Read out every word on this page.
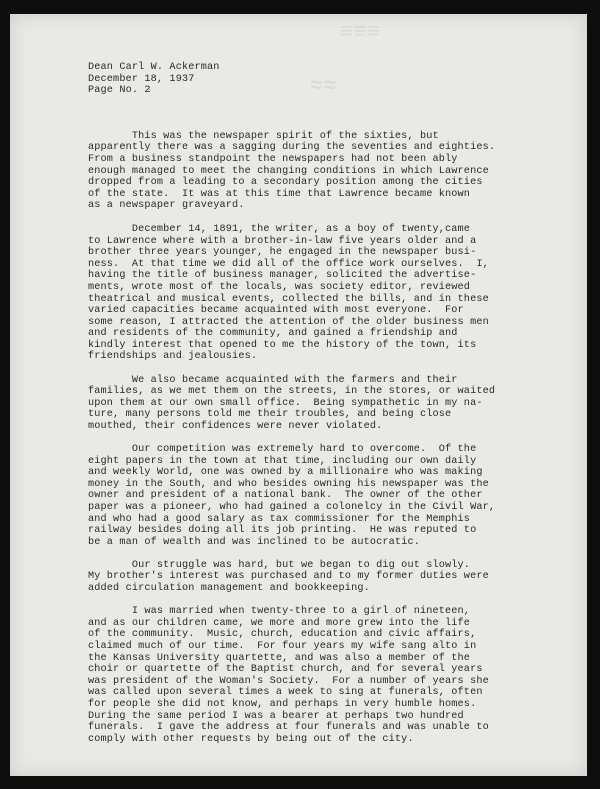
≡≡≡
≈≈
Dean Carl W. Ackerman
December 18, 1937
Page No. 2
This was the newspaper spirit of the sixties, but
apparently there was a sagging during the seventies and eighties.
From a business standpoint the newspapers had not been ably
enough managed to meet the changing conditions in which Lawrence
dropped from a leading to a secondary position among the cities
of the state.  It was at this time that Lawrence became known
as a newspaper graveyard.
December 14, 1891, the writer, as a boy of twenty,came
to Lawrence where with a brother-in-law five years older and a
brother three years younger, he engaged in the newspaper busi-
ness.  At that time we did all of the office work ourselves.  I,
having the title of business manager, solicited the advertise-
ments, wrote most of the locals, was society editor, reviewed
theatrical and musical events, collected the bills, and in these
varied capacities became acquainted with most everyone.  For
some reason, I attracted the attention of the older business men
and residents of the community, and gained a friendship and
kindly interest that opened to me the history of the town, its
friendships and jealousies.
We also became acquainted with the farmers and their
families, as we met them on the streets, in the stores, or waited
upon them at our own small office.  Being sympathetic in my na-
ture, many persons told me their troubles, and being close
mouthed, their confidences were never violated.
Our competition was extremely hard to overcome.  Of the
eight papers in the town at that time, including our own daily
and weekly World, one was owned by a millionaire who was making
money in the South, and who besides owning his newspaper was the
owner and president of a national bank.  The owner of the other
paper was a pioneer, who had gained a colonelcy in the Civil War,
and who had a good salary as tax commissioner for the Memphis
railway besides doing all its job printing.  He was reputed to
be a man of wealth and was inclined to be autocratic.
Our struggle was hard, but we began to dig out slowly.
My brother's interest was purchased and to my former duties were
added circulation management and bookkeeping.
I was married when twenty-three to a girl of nineteen,
and as our children came, we more and more grew into the life
of the community.  Music, church, education and civic affairs,
claimed much of our time.  For four years my wife sang alto in
the Kansas University quartette, and was also a member of the
choir or quartette of the Baptist church, and for several years
was president of the Woman's Society.  For a number of years she
was called upon several times a week to sing at funerals, often
for people she did not know, and perhaps in very humble homes.
During the same period I was a bearer at perhaps two hundred
funerals.  I gave the address at four funerals and was unable to
comply with other requests by being out of the city.
